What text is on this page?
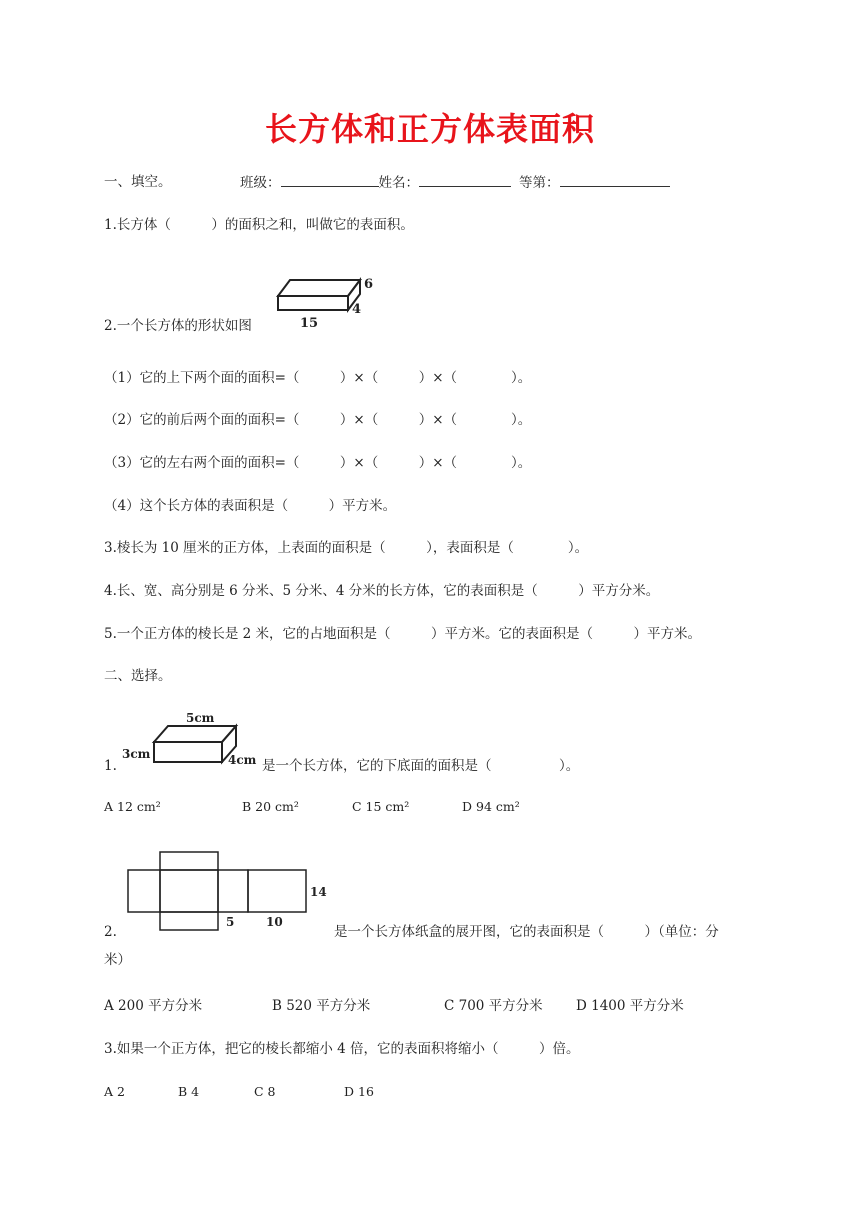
长方体和正方体表面积
一、填空。	班级：	姓名：	等第：
1.长方体（　　　）的面积之和，叫做它的表面积。
6
4
15
2.一个长方体的形状如图
（1）它的上下两个面的面积=（　　　）×（　　　）×（　　　　）。
（2）它的前后两个面的面积=（　　　）×（　　　）×（　　　　）。
（3）它的左右两个面的面积=（　　　）×（　　　）×（　　　　）。
（4）这个长方体的表面积是（　　　）平方米。
3.棱长为 10 厘米的正方体，上表面的面积是（　　　），表面积是（　　　　）。
4.长、宽、高分别是 6 分米、5 分米、4 分米的长方体，它的表面积是（　　　）平方分米。
5.一个正方体的棱长是 2 米，它的占地面积是（　　　）平方米。它的表面积是（　　　）平方米。
二、选择。
5cm
3cm	4cm
1.	是一个长方体，它的下底面的面积是（　　　　　）。
A 12 cm²	B 20 cm²	C 15 cm²	D 94 cm²
14
5	10
2.	是一个长方体纸盒的展开图，它的表面积是（　　　）（单位：分
米）
A 200 平方分米	B 520 平方分米	C 700 平方分米 D 1400 平方分米
3.如果一个正方体，把它的棱长都缩小 4 倍，它的表面积将缩小（　　　）倍。
A 2	B 4	C 8	D 16
